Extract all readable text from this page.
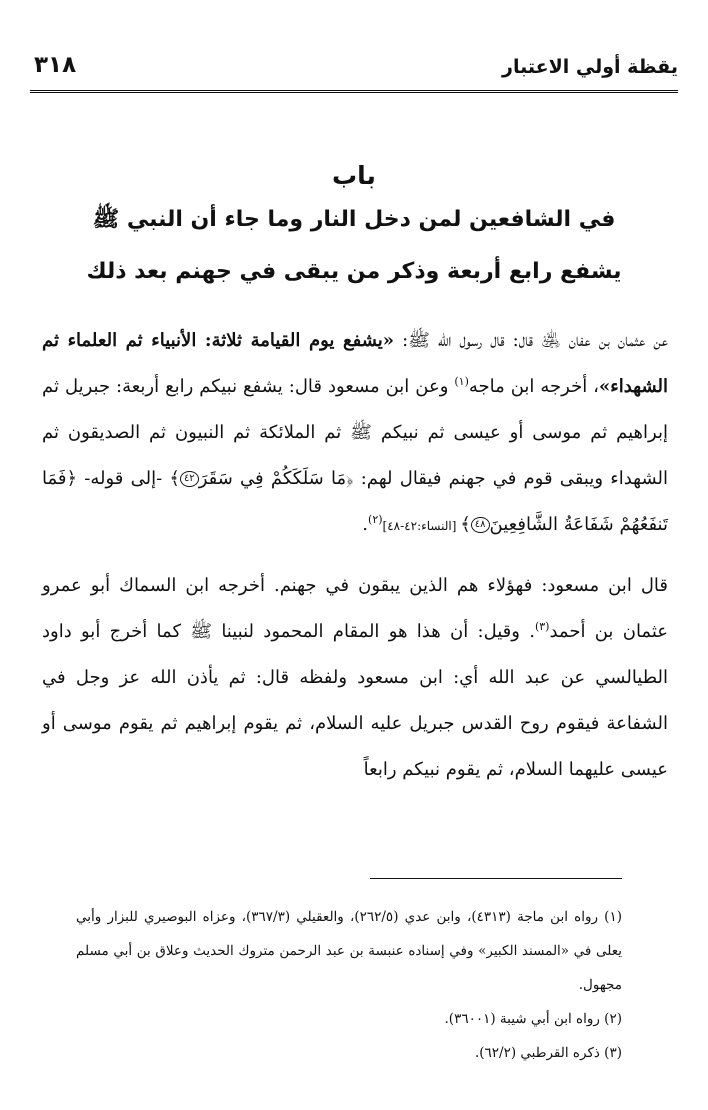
يقظة أولي الاعتبار
٣١٨
باب
في الشافعين لمن دخل النار وما جاء أن النبي ﷺ
يشفع رابع أربعة وذكر من يبقى في جهنم بعد ذلك

عن عثمان بن عفان ﵁ قال: قال رسول الله ﷺ: «يشفع يوم القيامة ثلاثة: الأنبياء ثم العلماء ثم الشهداء»، أخرجه ابن ماجه$^{(١)}$ وعن ابن مسعود قال: يشفع نبيكم رابع أربعة: جبريل ثم إبراهيم ثم موسى أو عيسى ثم نبيكم ﷺ ثم الملائكة ثم النبيون ثم الصديقون ثم الشهداء ويبقى قوم في جهنم فيقال لهم: ﴿مَا سَلَكَكُمْ فِي سَقَرَ٤٢﴾ -إلى قوله- ﴿فَمَا تَنفَعُهُمْ شَفَاعَةُ الشَّافِعِينَ٤٨﴾ [النساء:٤٢-٤٨]$^{(٢)}$.

قال ابن مسعود: فهؤلاء هم الذين يبقون في جهنم. أخرجه ابن السماك أبو عمرو عثمان بن أحمد$^{(٣)}$. وقيل: أن هذا هو المقام المحمود لنبينا ﷺ كما أخرج أبو داود الطيالسي عن عبد الله أي: ابن مسعود ولفظه قال: ثم يأذن الله عز وجل في الشفاعة فيقوم روح القدس جبريل عليه السلام، ثم يقوم إبراهيم ثم يقوم موسى أو عيسى عليهما السلام، ثم يقوم نبيكم رابعاً

(١) رواه ابن ماجة (٤٣١٣)، وابن عدي (٢٦٢/٥)، والعقيلي (٣٦٧/٣)، وعزاه البوصيري للبزار وأبي يعلى في «المسند الكبير» وفي إسناده عنبسة بن عبد الرحمن متروك الحديث وعلاق بن أبي مسلم مجهول.

(٢) رواه ابن أبي شيبة (٣٦٠٠١).

(٣) ذكره القرطبي (٦٢/٢).
